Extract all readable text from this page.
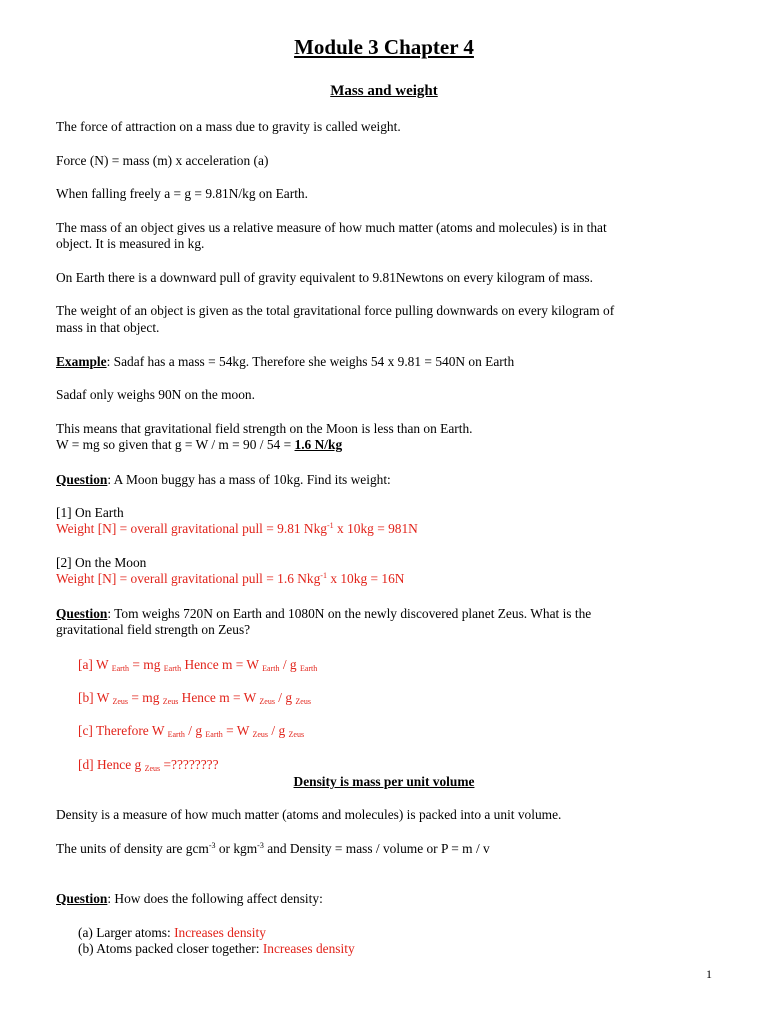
Module 3 Chapter 4
Mass and weight
The force of attraction on a mass due to gravity is called weight.
Force (N) = mass (m) x acceleration (a)
When falling freely a = g = 9.81N/kg on Earth.
The mass of an object gives us a relative measure of how much matter (atoms and molecules) is in that
object. It is measured in kg.
On Earth there is a downward pull of gravity equivalent to 9.81Newtons on every kilogram of mass.
The weight of an object is given as the total gravitational force pulling downwards on every kilogram of
mass in that object.
Example: Sadaf has a mass = 54kg. Therefore she weighs 54 x 9.81 = 540N on Earth
Sadaf only weighs 90N on the moon.
This means that gravitational field strength on the Moon is less than on Earth.
W = mg so given that g = W / m = 90 / 54 = 1.6 N/kg
Question: A Moon buggy has a mass of 10kg. Find its weight:
[1] On Earth
Weight [N] = overall gravitational pull = 9.81 Nkg$^{-1}$ x 10kg = 981N
[2] On the Moon
Weight [N] = overall gravitational pull = 1.6 Nkg$^{-1}$ x 10kg = 16N
Question: Tom weighs 720N on Earth and 1080N on the newly discovered planet Zeus. What is the
gravitational field strength on Zeus?
[a] W $_{Earth}$ = mg $_{Earth}$ Hence m = W $_{Earth}$ / g $_{Earth}$
[b] W $_{Zeus}$ = mg $_{Zeus}$ Hence m = W $_{Zeus}$ / g $_{Zeus}$
[c] Therefore W $_{Earth}$ / g $_{Earth}$ = W $_{Zeus}$ / g $_{Zeus}$
[d] Hence g $_{Zeus}$ =????????
Density is mass per unit volume
Density is a measure of how much matter (atoms and molecules) is packed into a unit volume.
The units of density are gcm$^{-3}$ or kgm$^{-3}$ and Density = mass / volume or P = m / v
Question: How does the following affect density:
(a) Larger atoms: Increases density
(b) Atoms packed closer together: Increases density
1
